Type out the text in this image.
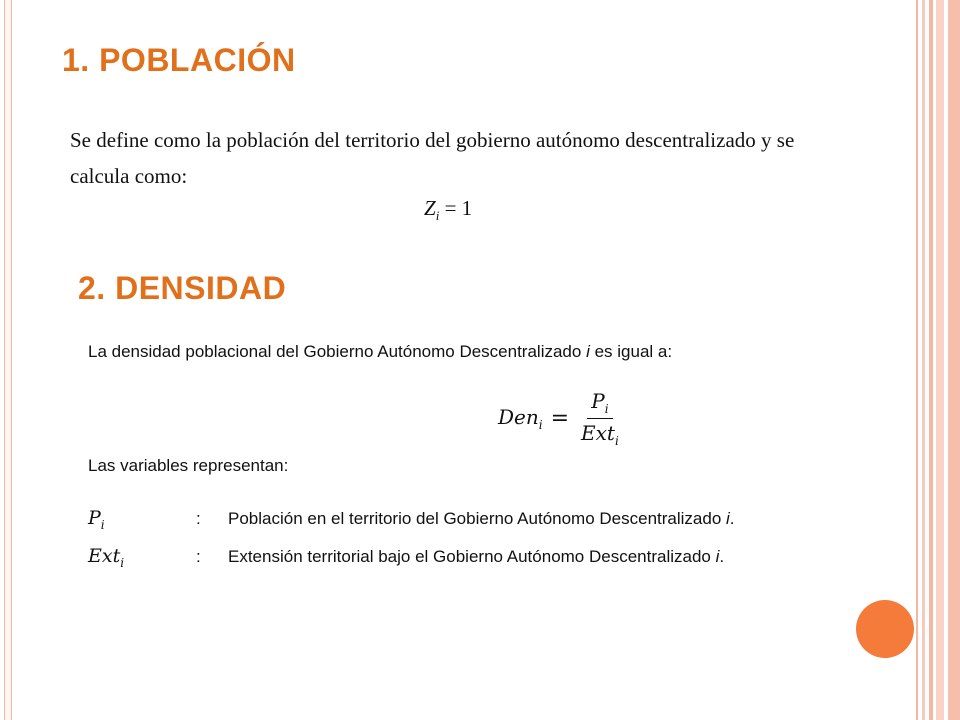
1. POBLACIÓN

Se define como la población del territorio del gobierno autónomo descentralizado y se calcula como:

$Z_i = 1$
2. DENSIDAD

La densidad poblacional del Gobierno Autónomo Descentralizado i es igual a:

$Den_i = \frac{P_i}{Ext_i}$

Las variables representan:

$P_i$	:	Población en el territorio del Gobierno Autónomo Descentralizado i.
Ext$_i$	:	Extensión territorial bajo el Gobierno Autónomo Descentralizado i.
